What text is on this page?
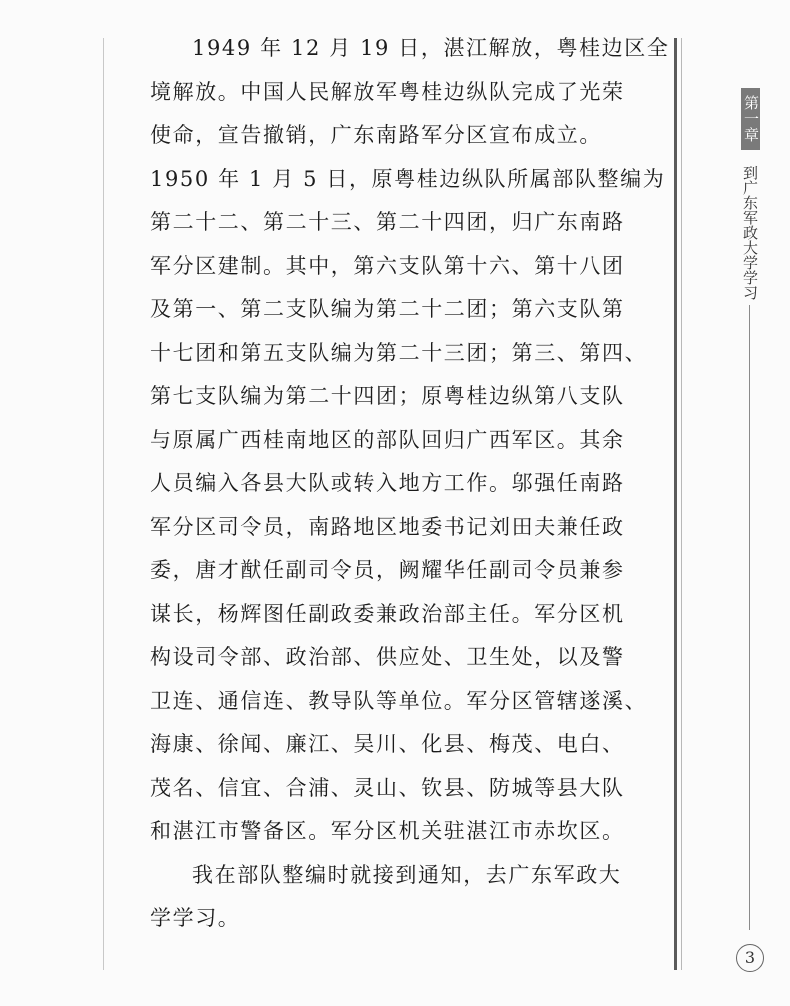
1949 年 12 月 19 日，湛江解放，粤桂边区全
境解放。中国人民解放军粤桂边纵队完成了光荣
使命，宣告撤销，广东南路军分区宣布成立。
1950 年 1 月 5 日，原粤桂边纵队所属部队整编为
第二十二、第二十三、第二十四团，归广东南路
军分区建制。其中，第六支队第十六、第十八团
及第一、第二支队编为第二十二团；第六支队第
十七团和第五支队编为第二十三团；第三、第四、
第七支队编为第二十四团；原粤桂边纵第八支队
与原属广西桂南地区的部队回归广西军区。其余
人员编入各县大队或转入地方工作。邬强任南路
军分区司令员，南路地区地委书记刘田夫兼任政
委，唐才猷任副司令员，阙耀华任副司令员兼参
谋长，杨辉图任副政委兼政治部主任。军分区机
构设司令部、政治部、供应处、卫生处，以及警
卫连、通信连、教导队等单位。军分区管辖遂溪、
海康、徐闻、廉江、吴川、化县、梅茂、电白、
茂名、信宜、合浦、灵山、钦县、防城等县大队
和湛江市警备区。军分区机关驻湛江市赤坎区。
我在部队整编时就接到通知，去广东军政大
学学习。
第一章
到广东军政大学学习
3
